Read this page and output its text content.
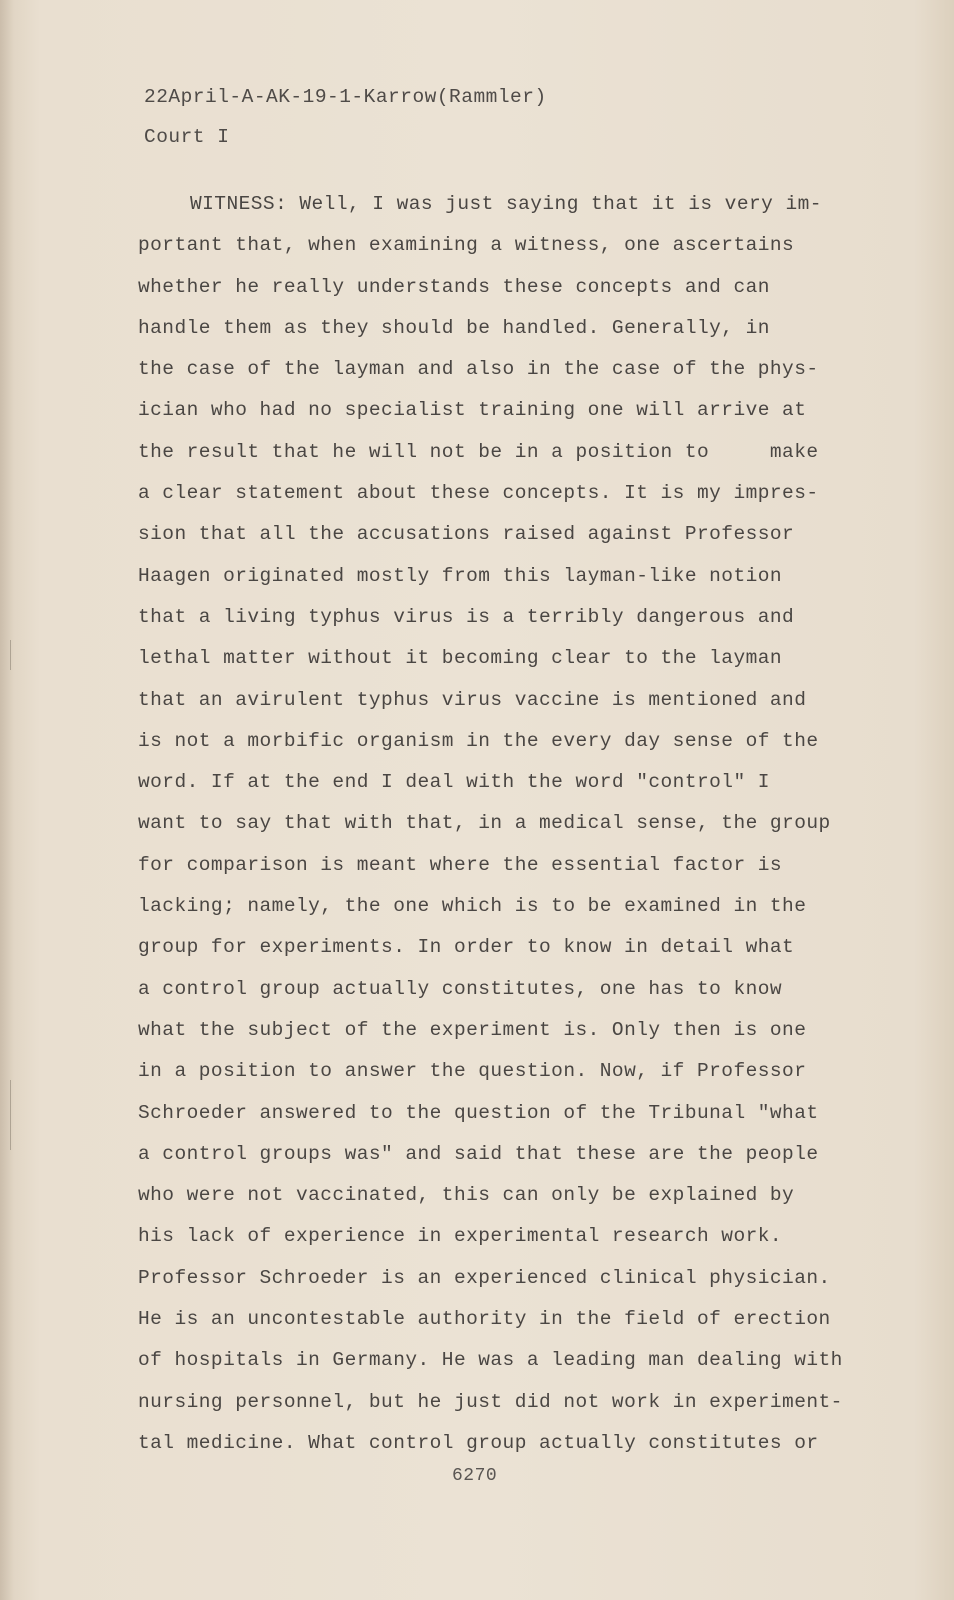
22April-A-AK-19-1-Karrow(Rammler)
Court I
WITNESS: Well, I was just saying that it is very im-
portant that, when examining a witness, one ascertains
whether he really understands these concepts and can
handle them as they should be handled. Generally, in
the case of the layman and also in the case of the phys-
ician who had no specialist training one will arrive at
the result that he will not be in a position to     make
a clear statement about these concepts. It is my impres-
sion that all the accusations raised against Professor
Haagen originated mostly from this layman-like notion
that a living typhus virus is a terribly dangerous and
lethal matter without it becoming clear to the layman
that an avirulent typhus virus vaccine is mentioned and
is not a morbific organism in the every day sense of the
word. If at the end I deal with the word "control" I
want to say that with that, in a medical sense, the group
for comparison is meant where the essential factor is
lacking; namely, the one which is to be examined in the
group for experiments. In order to know in detail what
a control group actually constitutes, one has to know
what the subject of the experiment is. Only then is one
in a position to answer the question. Now, if Professor
Schroeder answered to the question of the Tribunal "what
a control groups was" and said that these are the people
who were not vaccinated, this can only be explained by
his lack of experience in experimental research work.
Professor Schroeder is an experienced clinical physician.
He is an uncontestable authority in the field of erection
of hospitals in Germany. He was a leading man dealing with
nursing personnel, but he just did not work in experiment-
tal medicine. What control group actually constitutes or
6270
